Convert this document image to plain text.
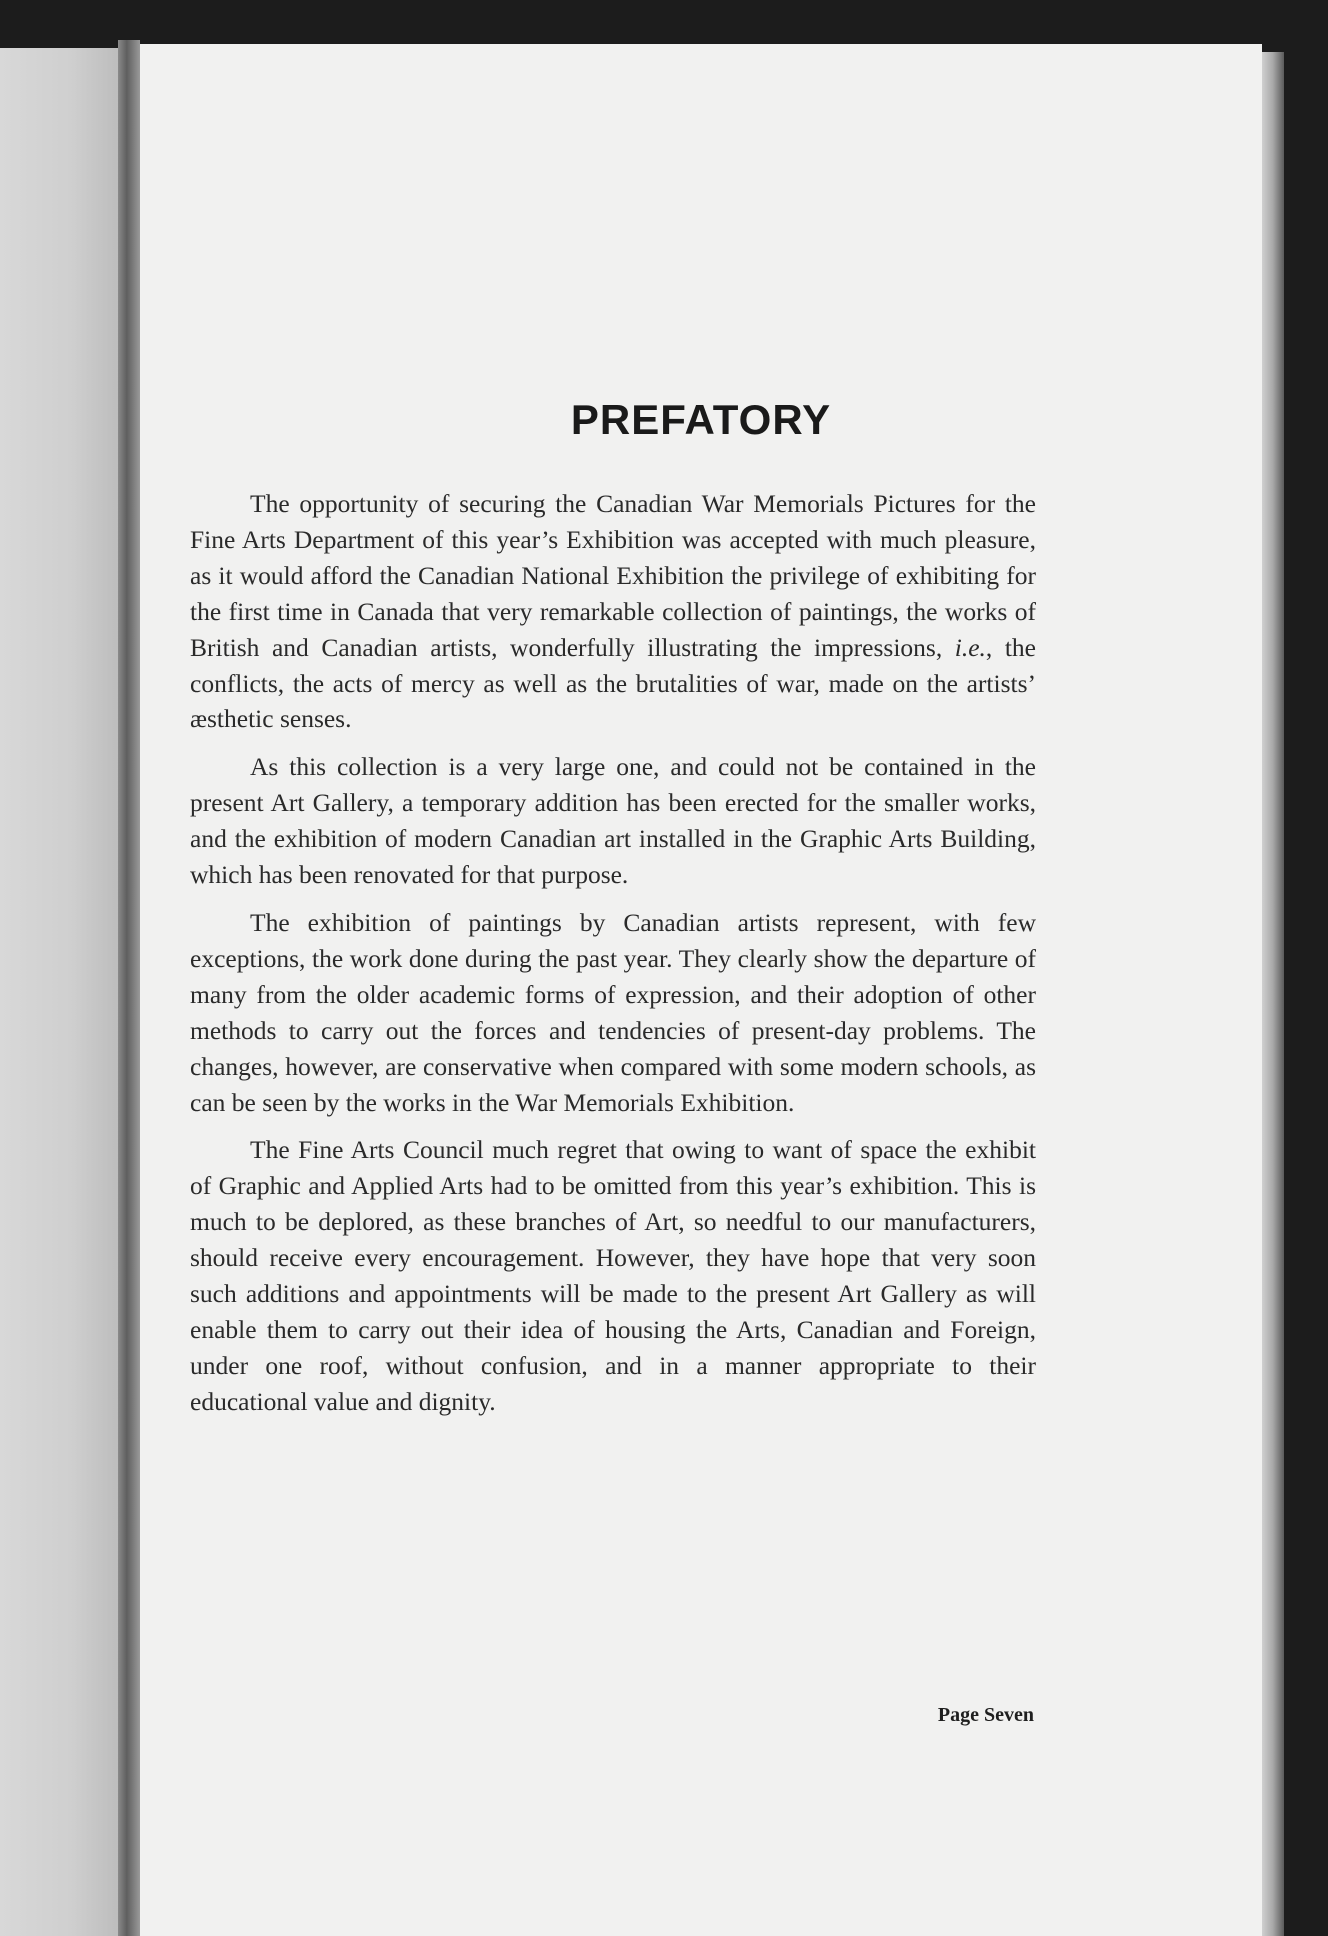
PREFATORY

The opportunity of securing the Canadian War Memorials Pictures for the Fine Arts Department of this year’s Exhibition was accepted with much pleasure, as it would afford the Canadian National Exhibition the privilege of exhibiting for the first time in Canada that very remarkable collection of paintings, the works of British and Canadian artists, wonderfully illustrating the impressions, i.e., the conflicts, the acts of mercy as well as the brutalities of war, made on the artists’ æsthetic senses.

As this collection is a very large one, and could not be contained in the present Art Gallery, a temporary addition has been erected for the smaller works, and the exhibition of modern Canadian art installed in the Graphic Arts Building, which has been renovated for that purpose.

The exhibition of paintings by Canadian artists represent, with few exceptions, the work done during the past year. They clearly show the departure of many from the older academic forms of expression, and their adoption of other methods to carry out the forces and tendencies of present-day problems. The changes, however, are conservative when compared with some modern schools, as can be seen by the works in the War Memorials Exhibition.

The Fine Arts Council much regret that owing to want of space the exhibit of Graphic and Applied Arts had to be omitted from this year’s exhibition. This is much to be deplored, as these branches of Art, so needful to our manufacturers, should receive every encouragement. However, they have hope that very soon such additions and appointments will be made to the present Art Gallery as will enable them to carry out their idea of housing the Arts, Canadian and Foreign, under one roof, without confusion, and in a manner appropriate to their educational value and dignity.

Page Seven
